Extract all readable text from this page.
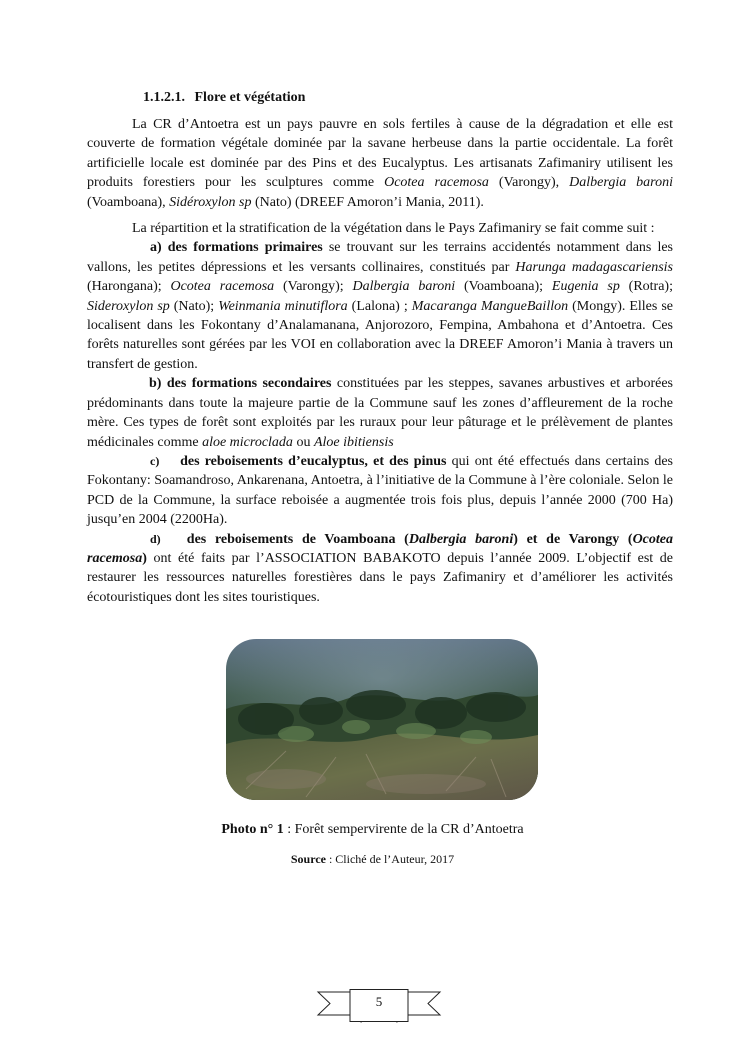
1.1.2.1. Flore et végétation

La CR d’Antoetra est un pays pauvre en sols fertiles à cause de la dégradation et elle est couverte de formation végétale dominée par la savane herbeuse dans la partie occidentale. La forêt artificielle locale est dominée par des Pins et des Eucalyptus. Les artisanats Zafimaniry utilisent les produits forestiers pour les sculptures comme Ocotea racemosa (Varongy), Dalbergia baroni (Voamboana), Sidéroxylon sp (Nato) (DREEF Amoron’i Mania, 2011).

La répartition et la stratification de la végétation dans le Pays Zafimaniry se fait comme suit :

a) des formations primaires se trouvant sur les terrains accidentés notamment dans les vallons, les petites dépressions et les versants collinaires, constitués par Harunga madagascariensis (Harongana); Ocotea racemosa (Varongy); Dalbergia baroni (Voamboana); Eugenia sp (Rotra); Sideroxylon sp (Nato); Weinmania minutiflora (Lalona) ; Macaranga MangueBaillon (Mongy). Elles se localisent dans les Fokontany d’Analamanana, Anjorozoro, Fempina, Ambahona et d’Antoetra. Ces forêts naturelles sont gérées par les VOI en collaboration avec la DREEF Amoron’i Mania à travers un transfert de gestion.

b) des formations secondaires constituées par les steppes, savanes arbustives et arborées prédominants dans toute la majeure partie de la Commune sauf les zones d’affleurement de la roche mère. Ces types de forêt sont exploités par les ruraux pour leur pâturage et le prélèvement de plantes médicinales comme aloe microclada ou Aloe ibitiensis

c) des reboisements d’eucalyptus, et des pinus qui ont été effectués dans certains des Fokontany: Soamandroso, Ankarenana, Antoetra, à l’initiative de la Commune à l’ère coloniale. Selon le PCD de la Commune, la surface reboisée a augmentée trois fois plus, depuis l’année 2000 (700 Ha) jusqu’en 2004 (2200Ha).

d) des reboisements de Voamboana (Dalbergia baroni) et de Varongy (Ocotea racemosa) ont été faits par l’ASSOCIATION BABAKOTO depuis l’année 2009. L’objectif est de restaurer les ressources naturelles forestières dans le pays Zafimaniry et d’améliorer les activités écotouristiques dont les sites touristiques.

Photo n° 1 : Forêt sempervirente de la CR d’Antoetra
Source : Cliché de l’Auteur, 2017
5
